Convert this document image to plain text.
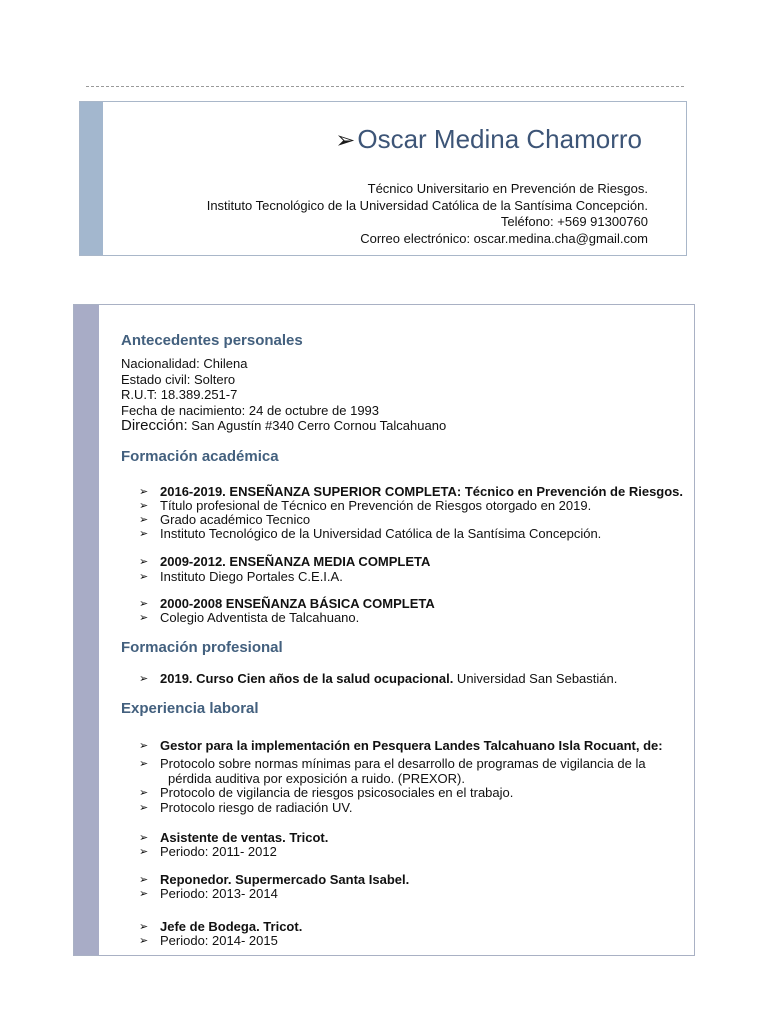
➢Oscar Medina Chamorro
Técnico Universitario en Prevención de Riesgos.
Instituto Tecnológico de la Universidad Católica de la Santísima Concepción.
Teléfono: +569 91300760
Correo electrónico: oscar.medina.cha@gmail.com
Antecedentes personales
Nacionalidad: Chilena
Estado civil: Soltero
R.U.T: 18.389.251-7
Fecha de nacimiento: 24 de octubre de 1993
Dirección: San Agustín #340 Cerro Cornou Talcahuano
Formación académica
➢ 2016-2019. ENSEÑANZA SUPERIOR COMPLETA: Técnico en Prevención de Riesgos.
➢ Título profesional de Técnico en Prevención de Riesgos otorgado en 2019.
➢ Grado académico Tecnico
➢ Instituto Tecnológico de la Universidad Católica de la Santísima Concepción.
➢ 2009-2012. ENSEÑANZA MEDIA COMPLETA
➢ Instituto Diego Portales C.E.I.A.
➢ 2000-2008 ENSEÑANZA BÁSICA COMPLETA
➢ Colegio Adventista de Talcahuano.
Formación profesional
➢ 2019. Curso Cien años de la salud ocupacional. Universidad San Sebastián.
Experiencia laboral
➢ Gestor para la implementación en Pesquera Landes Talcahuano Isla Rocuant, de:
➢ Protocolo sobre normas mínimas para el desarrollo de programas de vigilancia de la
pérdida auditiva por exposición a ruido. (PREXOR).
➢ Protocolo de vigilancia de riesgos psicosociales en el trabajo.
➢ Protocolo riesgo de radiación UV.
➢ Asistente de ventas. Tricot.
➢ Periodo: 2011- 2012
➢ Reponedor. Supermercado Santa Isabel.
➢ Periodo: 2013- 2014
➢ Jefe de Bodega. Tricot.
➢ Periodo: 2014- 2015
